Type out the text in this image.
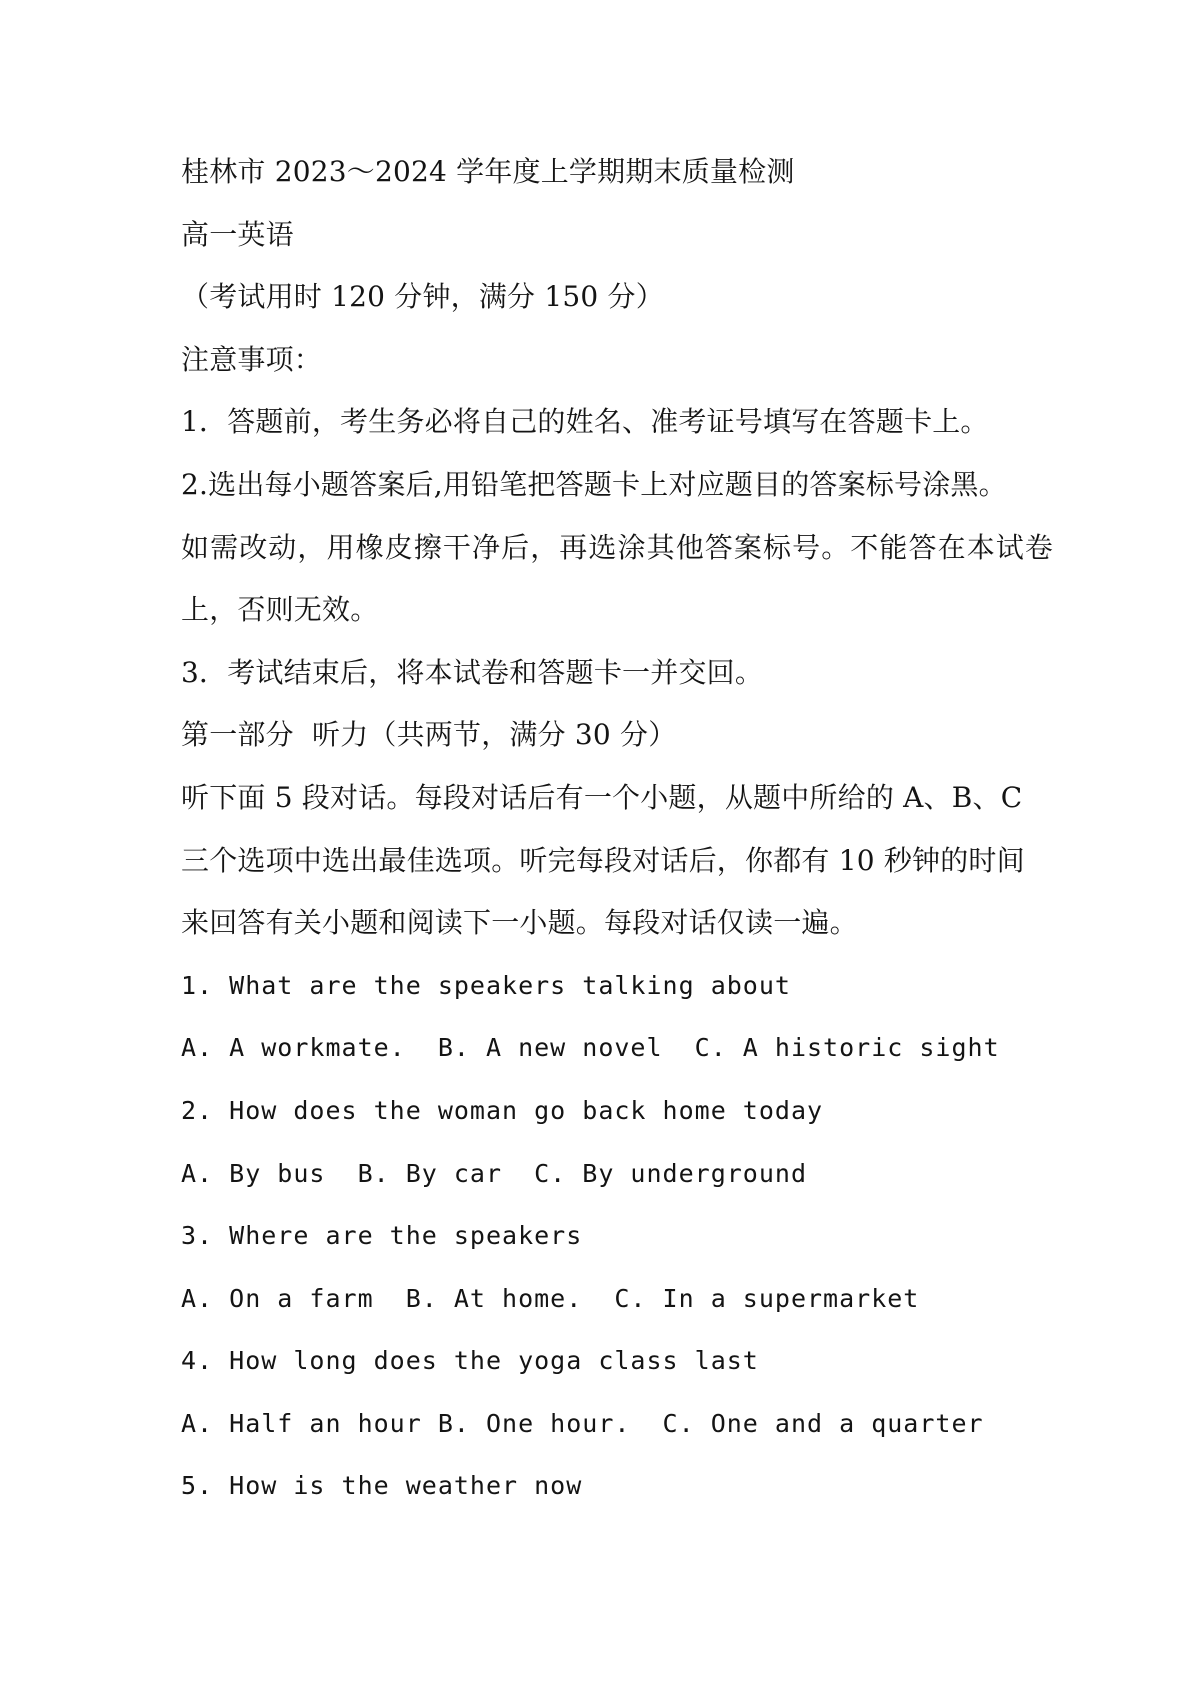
桂林市 2023～2024 学年度上学期期末质量检测
高一英语
（考试用时 120 分钟，满分 150 分）
注意事项：
1．答题前，考生务必将自己的姓名、准考证号填写在答题卡上。
2.选出每小题答案后,用铅笔把答题卡上对应题目的答案标号涂黑。
如需改动，用橡皮擦干净后，再选涂其他答案标号。不能答在本试卷
上，否则无效。
3．考试结束后，将本试卷和答题卡一并交回。
第一部分  听力（共两节，满分 30 分）
听下面 5 段对话。每段对话后有一个小题，从题中所给的 A、B、C
三个选项中选出最佳选项。听完每段对话后，你都有 10 秒钟的时间
来回答有关小题和阅读下一小题。每段对话仅读一遍。
1. What are the speakers talking about
A. A workmate.  B. A new novel  C. A historic sight
2. How does the woman go back home today
A. By bus  B. By car  C. By underground
3. Where are the speakers
A. On a farm  B. At home.  C. In a supermarket
4. How long does the yoga class last
A. Half an hour B. One hour.  C. One and a quarter
5. How is the weather now
